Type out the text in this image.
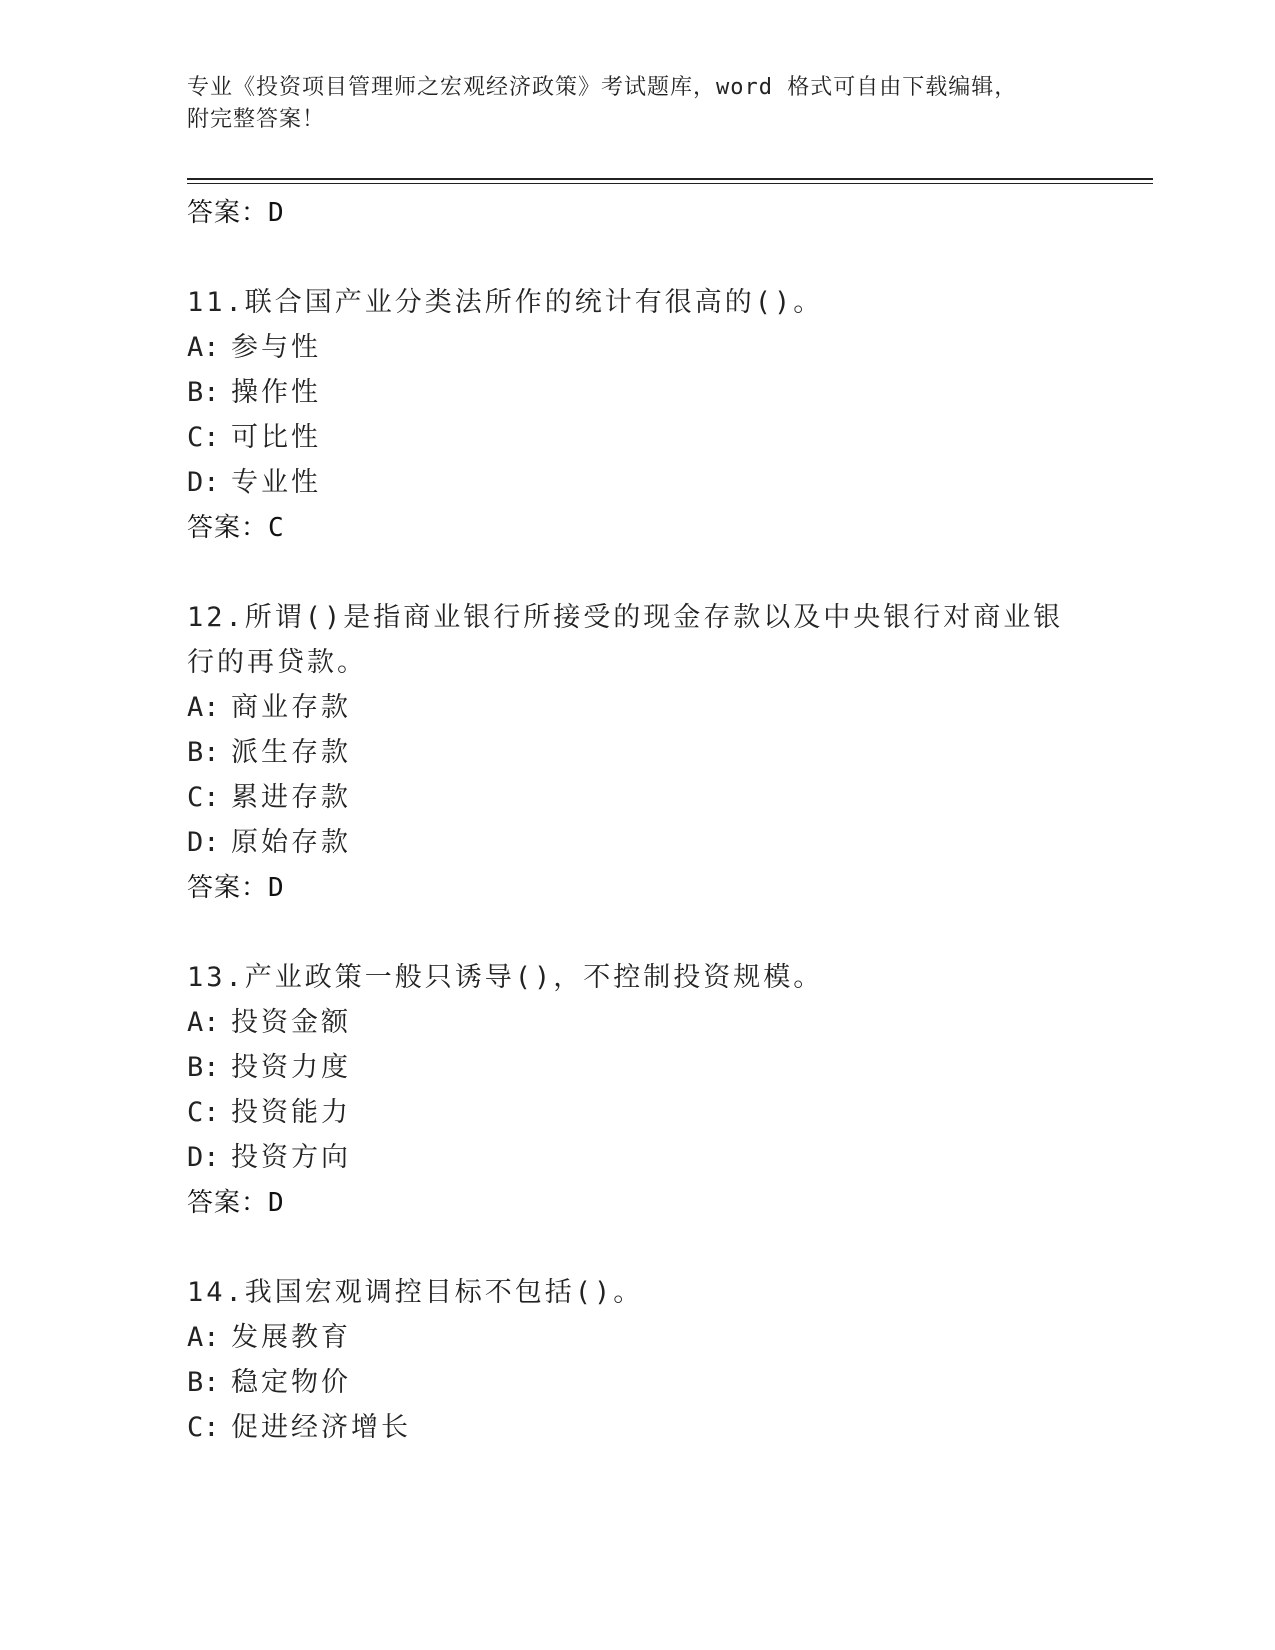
专业《投资项目管理师之宏观经济政策》考试题库，word 格式可自由下载编辑，
附完整答案！
答案：D
11.联合国产业分类法所作的统计有很高的()。
A: 参与性
B: 操作性
C: 可比性
D: 专业性
答案：C
12.所谓()是指商业银行所接受的现金存款以及中央银行对商业银行的再贷款。
A: 商业存款
B: 派生存款
C: 累进存款
D: 原始存款
答案：D
13.产业政策一般只诱导()，不控制投资规模。
A: 投资金额
B: 投资力度
C: 投资能力
D: 投资方向
答案：D
14.我国宏观调控目标不包括()。
A: 发展教育
B: 稳定物价
C: 促进经济增长
